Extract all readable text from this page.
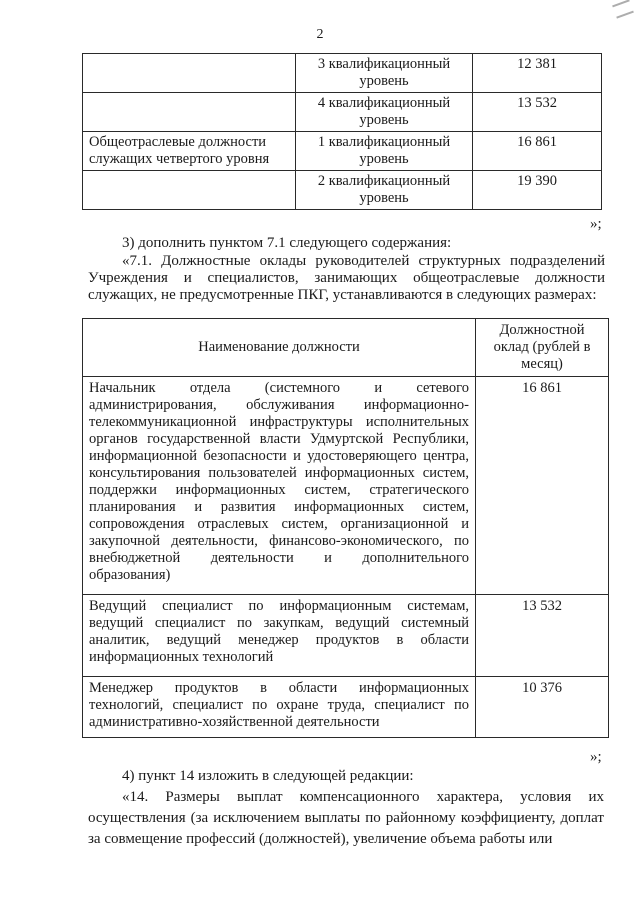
2
	3 квалификационный уровень	12 381
	4 квалификационный уровень	13 532
Общеотраслевые должности служащих четвертого уровня	1 квалификационный уровень	16 861
	2 квалификационный уровень	19 390
»;
3) дополнить пунктом 7.1 следующего содержания:
«7.1. Должностные оклады руководителей структурных подразделений Учреждения и специалистов, занимающих общеотраслевые должности служащих, не предусмотренные ПКГ, устанавливаются в следующих размерах:
Наименование должности	Должностной оклад (рублей в месяц)
Начальник отдела (системного и сетевого администрирования, обслуживания информационно-телекоммуникационной инфраструктуры исполнительных органов государственной власти Удмуртской Республики, информационной безопасности и удостоверяющего центра, консультирования пользователей информационных систем, поддержки информационных систем, стратегического планирования и развития информационных систем, сопровождения отраслевых систем, организационной и закупочной деятельности, финансово-экономического, по внебюджетной деятельности и дополнительного образования)	16 861
Ведущий специалист по информационным системам, ведущий специалист по закупкам, ведущий системный аналитик, ведущий менеджер продуктов в области информационных технологий	13 532
Менеджер продуктов в области информационных технологий, специалист по охране труда, специалист по административно-хозяйственной деятельности	10 376
»;
4) пункт 14 изложить в следующей редакции:
«14. Размеры выплат компенсационного характера, условия их осуществления (за исключением выплаты по районному коэффициенту, доплат за совмещение профессий (должностей), увеличение объема работы или
